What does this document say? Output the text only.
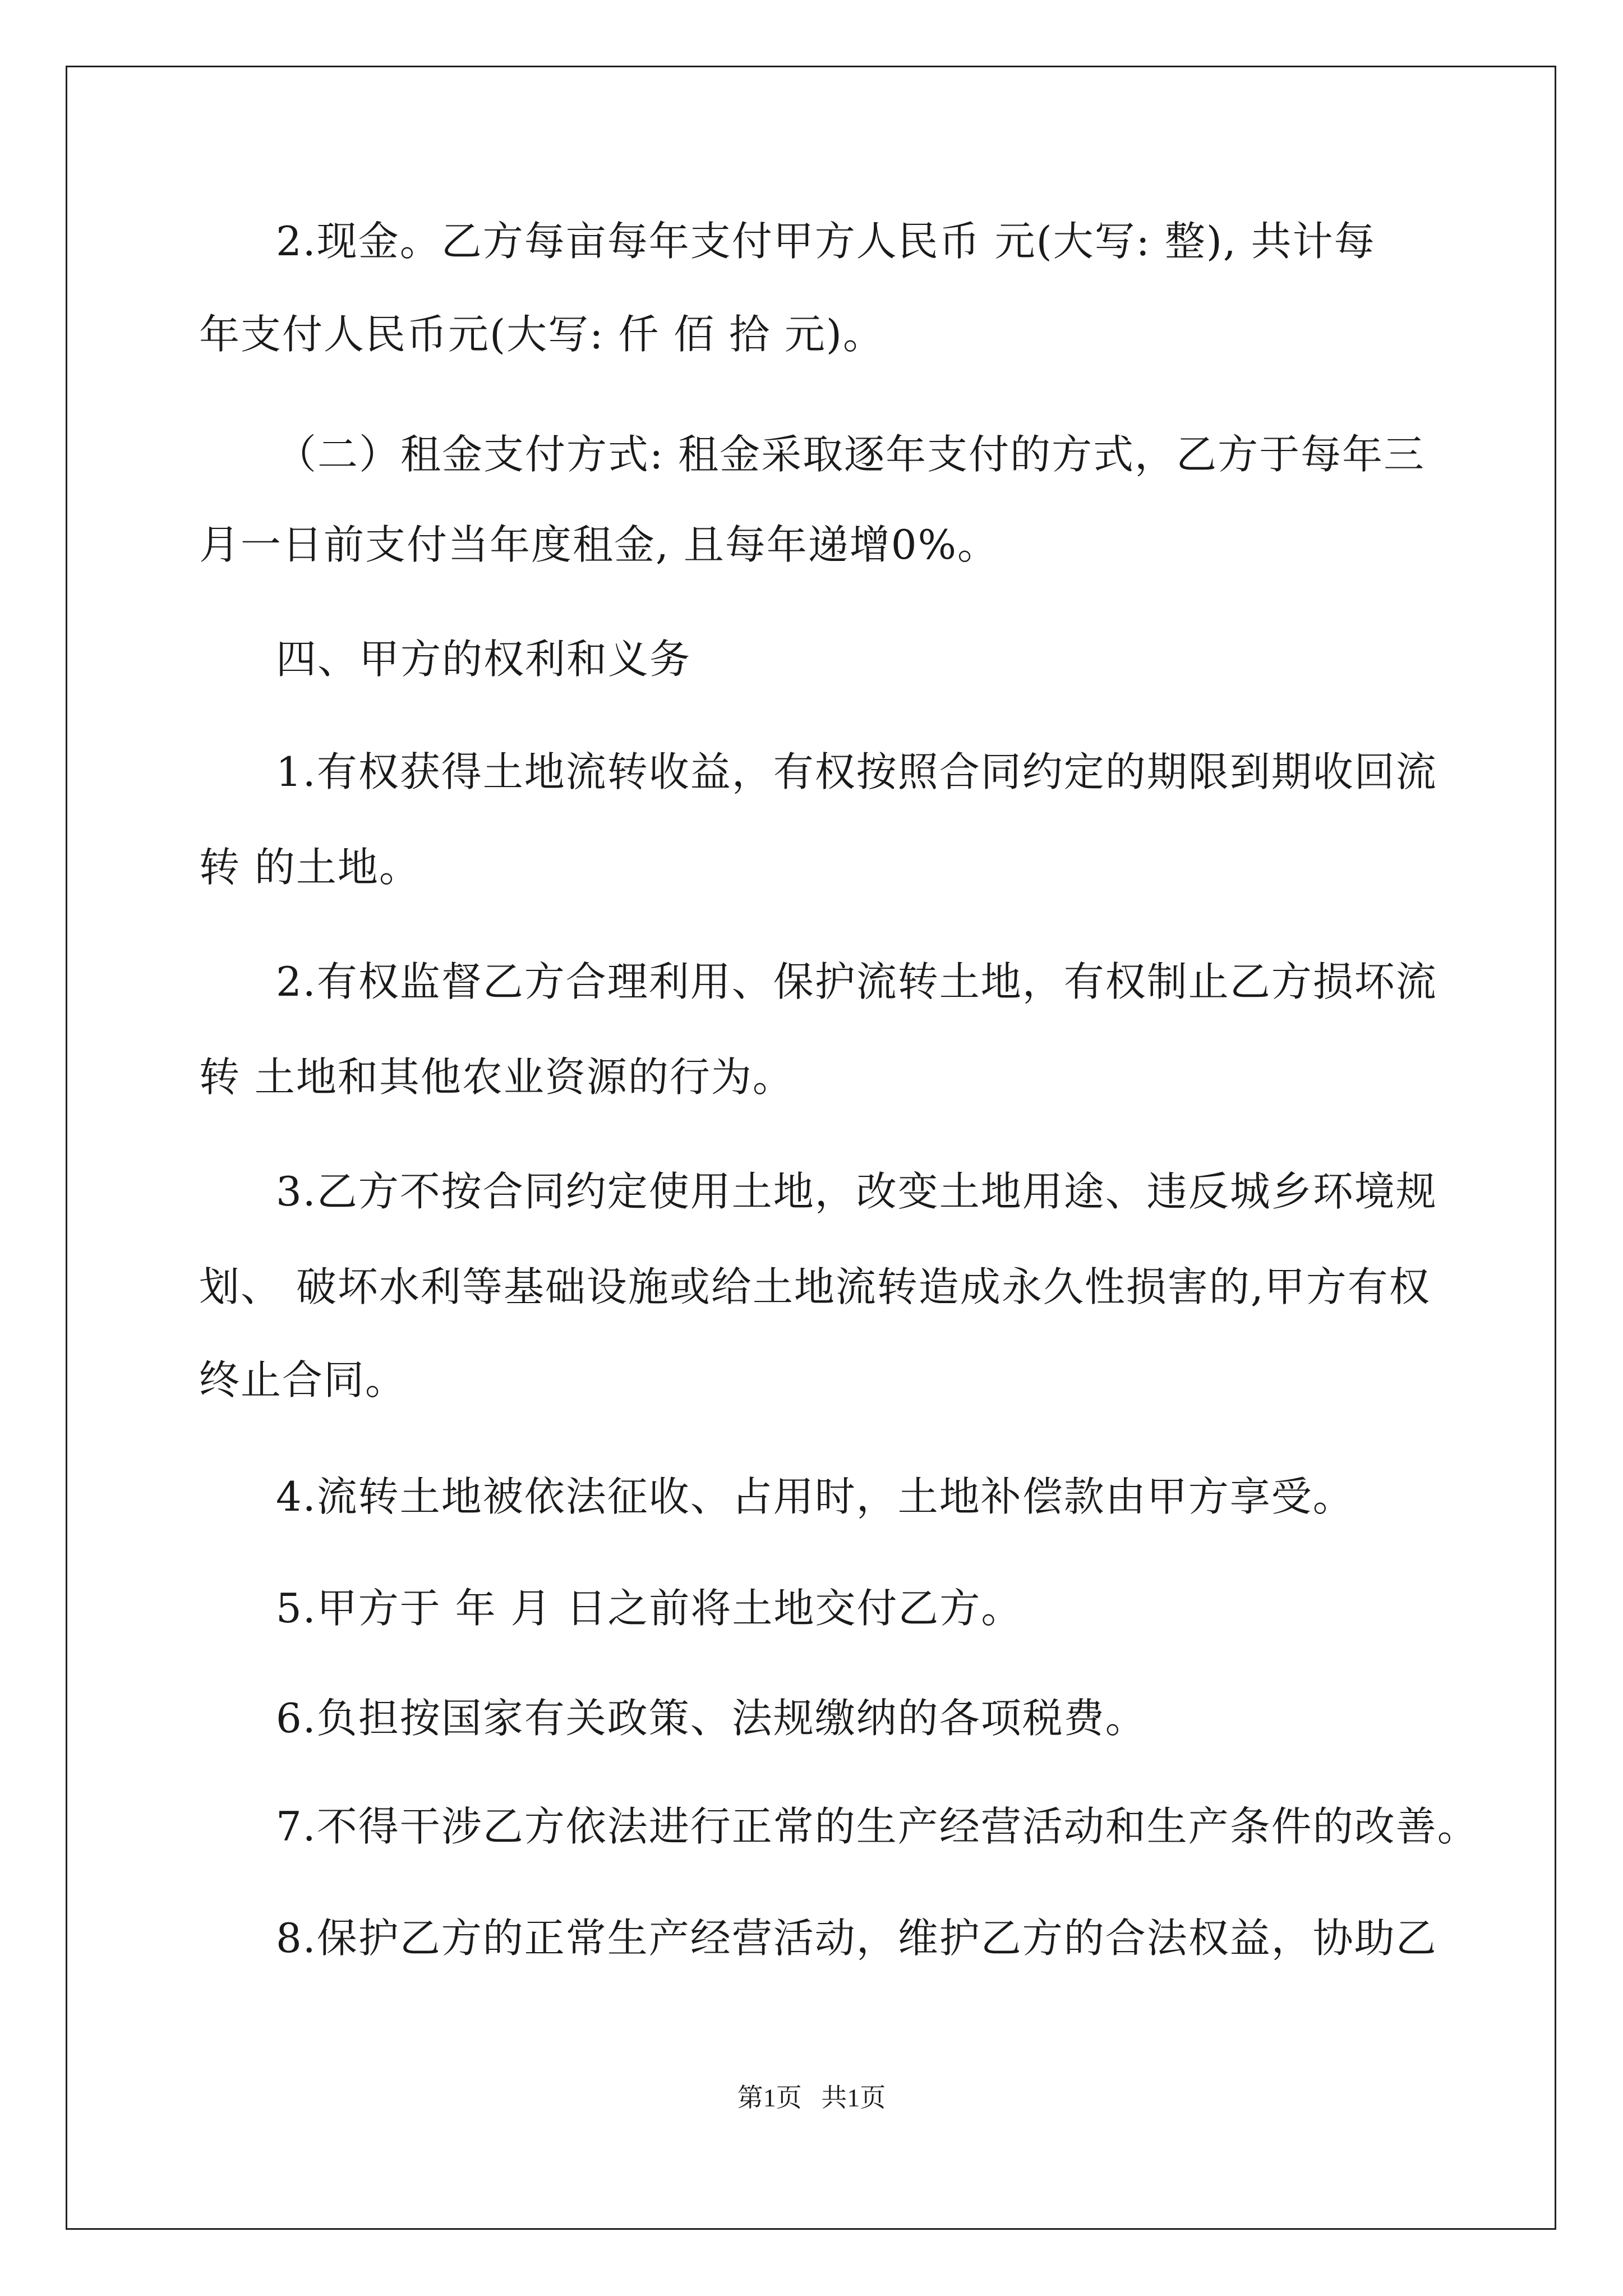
2.现金。乙方每亩每年支付甲方人民币 元(大写: 整), 共计每
年支付人民币元(大写: 仟 佰 拾 元)。
（二）租金支付方式: 租金采取逐年支付的方式，乙方于每年三
月一日前支付当年度租金, 且每年递增0%。
四、甲方的权利和义务
1.有权获得土地流转收益，有权按照合同约定的期限到期收回流
转 的土地。
2.有权监督乙方合理利用、保护流转土地，有权制止乙方损坏流
转 土地和其他农业资源的行为。
3.乙方不按合同约定使用土地，改变土地用途、违反城乡环境规
划、 破坏水利等基础设施或给土地流转造成永久性损害的,甲方有权
终止合同。
4.流转土地被依法征收、占用时，土地补偿款由甲方享受。
5.甲方于 年 月 日之前将土地交付乙方。
6.负担按国家有关政策、法规缴纳的各项税费。
7.不得干涉乙方依法进行正常的生产经营活动和生产条件的改善。
8.保护乙方的正常生产经营活动，维护乙方的合法权益，协助乙
第1页   共1页
